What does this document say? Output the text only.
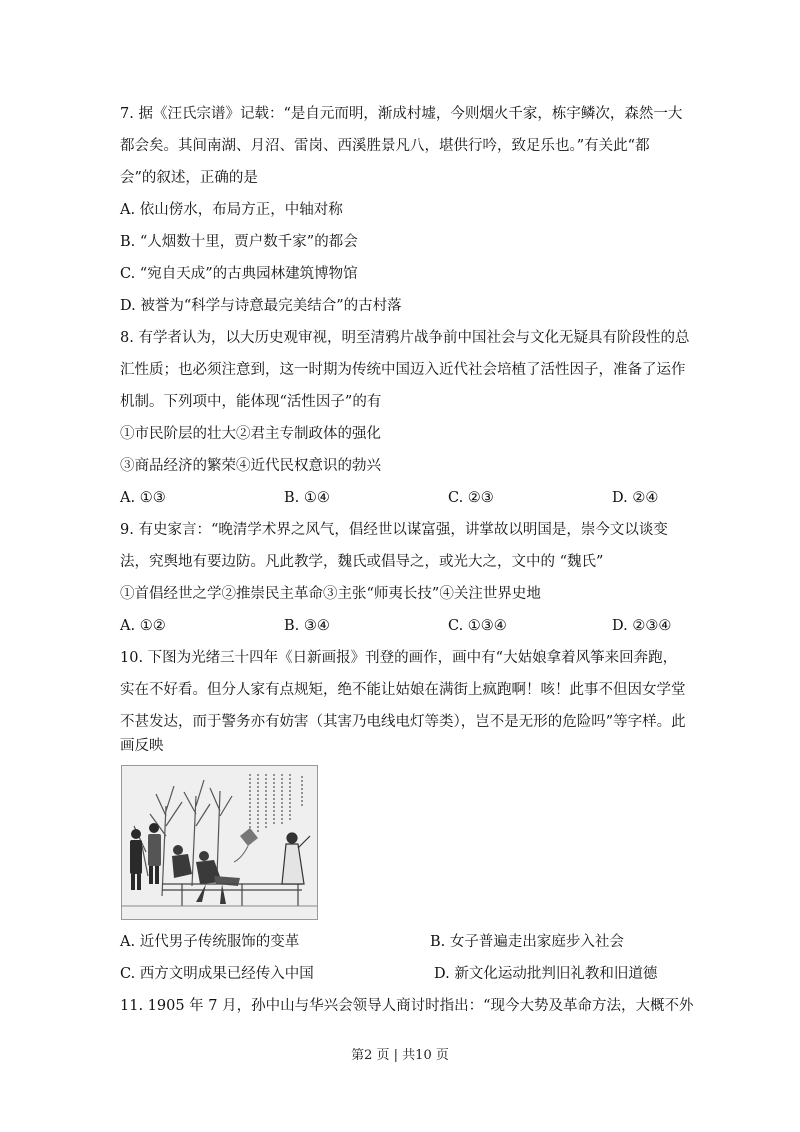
7. 据《汪氏宗谱》记载：“是自元而明，渐成村墟，今则烟火千家，栋宇鳞次，森然一大
都会矣。其间南湖、月沼、雷岗、西溪胜景凡八，堪供行吟，致足乐也。”有关此“都
会”的叙述，正确的是
A. 依山傍水，布局方正，中轴对称
B. “人烟数十里，贾户数千家”的都会
C. “宛自天成”的古典园林建筑博物馆
D. 被誉为“科学与诗意最完美结合”的古村落
8. 有学者认为，以大历史观审视，明至清鸦片战争前中国社会与文化无疑具有阶段性的总
汇性质；也必须注意到，这一时期为传统中国迈入近代社会培植了活性因子，准备了运作
机制。下列项中，能体现“活性因子”的有
①市民阶层的壮大②君主专制政体的强化
③商品经济的繁荣④近代民权意识的勃兴
A. ①③	B. ①④	C. ②③	D. ②④
9. 有史家言：“晚清学术界之风气，倡经世以谋富强，讲掌故以明国是，崇今文以谈变
法，究舆地有要边防。凡此教学，魏氏或倡导之，或光大之，文中的 “魏氏”
①首倡经世之学②推崇民主革命③主张“师夷长技”④关注世界史地
A. ①②	B. ③④	C. ①③④	D. ②③④
10. 下图为光绪三十四年《日新画报》刊登的画作，画中有“大姑娘拿着风筝来回奔跑，
实在不好看。但分人家有点规矩，绝不能让姑娘在满街上疯跑啊！咳！此事不但因女学堂
不甚发达，而于警务亦有妨害（其害乃电线电灯等类），岂不是无形的危险吗”等字样。此
画反映
A. 近代男子传统服饰的变革	B. 女子普遍走出家庭步入社会
C. 西方文明成果已经传入中国	D. 新文化运动批判旧礼教和旧道德
11. 1905 年 7 月，孙中山与华兴会领导人商讨时指出：“现今大势及革命方法，大概不外
第2 页 | 共10 页
